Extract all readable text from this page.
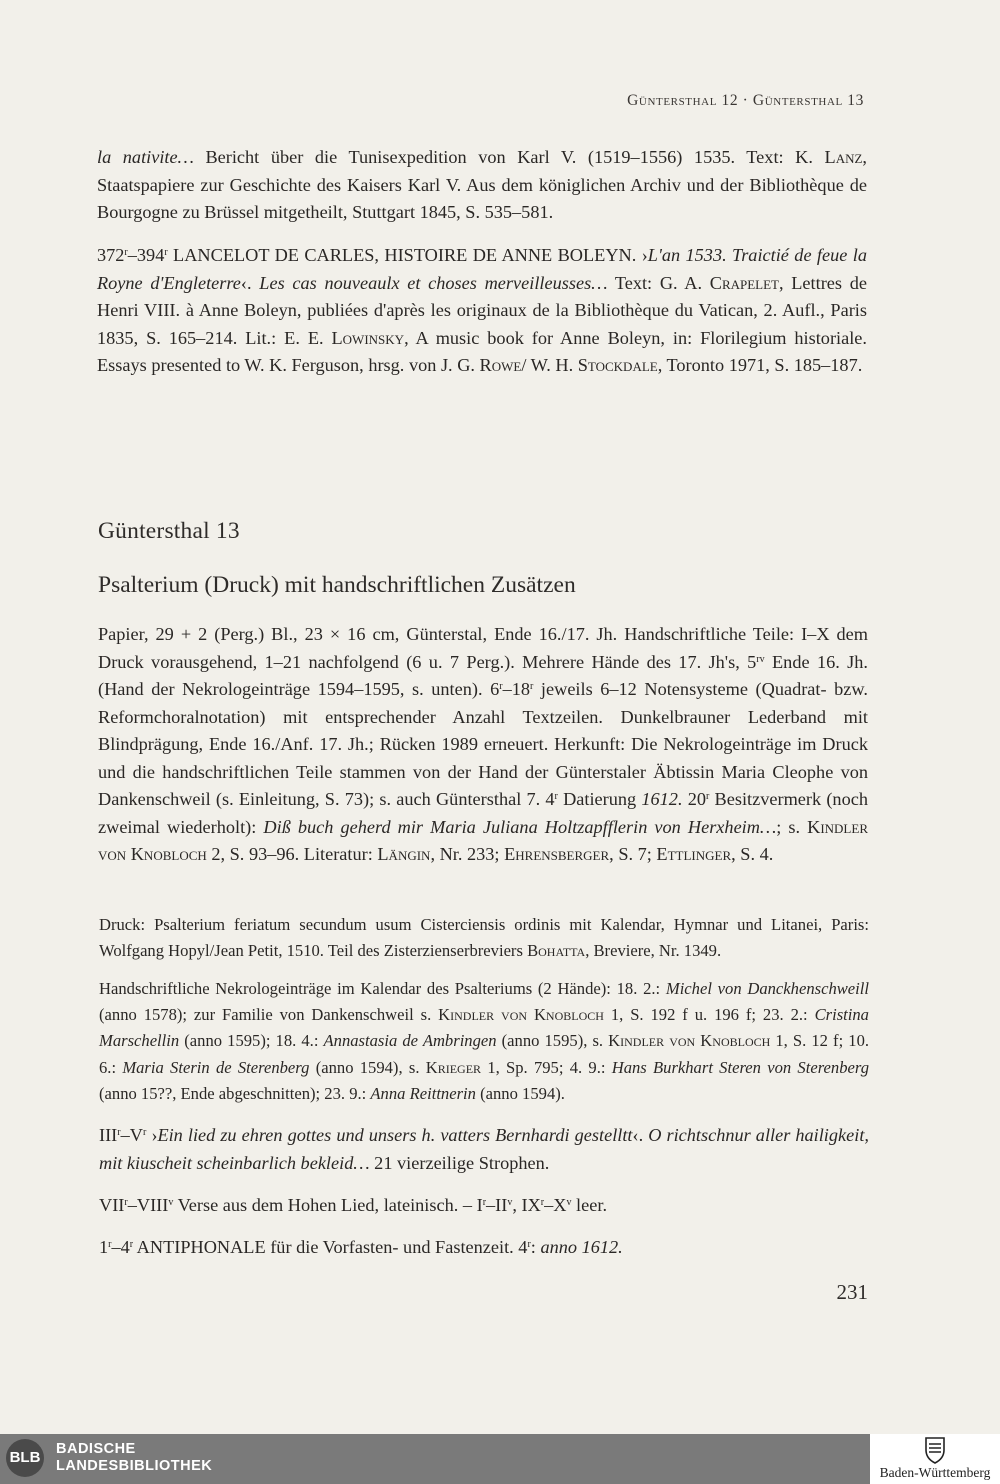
Güntersthal 12 · Güntersthal 13
la nativite… Bericht über die Tunisexpedition von Karl V. (1519–1556) 1535. Text: K. Lanz, Staatspapiere zur Geschichte des Kaisers Karl V. Aus dem königlichen Archiv und der Bibliothèque de Bourgogne zu Brüssel mitgetheilt, Stuttgart 1845, S. 535–581.
372$^r$–394$^r$ LANCELOT DE CARLES, HISTOIRE DE ANNE BOLEYN. ›L'an 1533. Traictié de feue la Royne d'Engleterre‹. Les cas nouveaulx et choses merveilleusses… Text: G. A. Crapelet, Lettres de Henri VIII. à Anne Boleyn, publiées d'après les originaux de la Bibliothèque du Vatican, 2. Aufl., Paris 1835, S. 165–214. Lit.: E. E. Lowinsky, A music book for Anne Boleyn, in: Florilegium historiale. Essays presented to W. K. Ferguson, hrsg. von J. G. Rowe/ W. H. Stockdale, Toronto 1971, S. 185–187.
Güntersthal 13
Psalterium (Druck) mit handschriftlichen Zusätzen
Papier, 29 + 2 (Perg.) Bl., 23 × 16 cm, Günterstal, Ende 16./17. Jh. Handschriftliche Teile: I–X dem Druck vorausgehend, 1–21 nachfolgend (6 u. 7 Perg.). Mehrere Hände des 17. Jh's, $5^{rv}$ Ende 16. Jh. (Hand der Nekrologeinträge 1594–1595, s. unten). 6$^r$–18$^r$ jeweils 6–12 Notensysteme (Quadrat- bzw. Reformchoralnotation) mit entsprechender Anzahl Textzeilen. Dunkelbrauner Lederband mit Blindprägung, Ende 16./Anf. 17. Jh.; Rücken 1989 erneuert. Herkunft: Die Nekrologeinträge im Druck und die handschriftlichen Teile stammen von der Hand der Günterstaler Äbtissin Maria Cleophe von Dankenschweil (s. Einleitung, S. 73); s. auch Güntersthal 7. 4$^r$ Datierung 1612. 20$^r$ Besitzvermerk (noch zweimal wiederholt): Diß buch geherd mir Maria Juliana Holtzapfflerin von Herxheim…; s. Kindler von Knobloch 2, S. 93–96. Literatur: Längin, Nr. 233; Ehrensberger, S. 7; Ettlinger, S. 4.
Druck: Psalterium feriatum secundum usum Cisterciensis ordinis mit Kalendar, Hymnar und Litanei, Paris: Wolfgang Hopyl/Jean Petit, 1510. Teil des Zisterzienserbreviers Bohatta, Breviere, Nr. 1349.
Handschriftliche Nekrologeinträge im Kalendar des Psalteriums (2 Hände): 18. 2.: Michel von Danckhenschweill (anno 1578); zur Familie von Dankenschweil s. Kindler von Knobloch 1, S. 192 f u. 196 f; 23. 2.: Cristina Marschellin (anno 1595); 18. 4.: Annastasia de Ambringen (anno 1595), s. Kindler von Knobloch 1, S. 12 f; 10. 6.: Maria Sterin de Sterenberg (anno 1594), s. Krieger 1, Sp. 795; 4. 9.: Hans Burkhart Steren von Sterenberg (anno 15??, Ende abgeschnitten); 23. 9.: Anna Reittnerin (anno 1594).
$III^r-V^r$ ›Ein lied zu ehren gottes und unsers h. vatters Bernhardi gestelltt‹. O richtschnur aller hailigkeit, mit kiuscheit scheinbarlich bekleid… 21 vierzeilige Strophen.
VII$^r$–VIII$^v$ Verse aus dem Hohen Lied, lateinisch. – $I^r-II^v$, $IX^r-X^v$ leer.
1$^r$–4$^r$ ANTIPHONALE für die Vorfasten- und Fastenzeit. 4$^r$: anno 1612.
231
BLB BADISCHE
LANDESBIBLIOTHEK	Baden-Württemberg
